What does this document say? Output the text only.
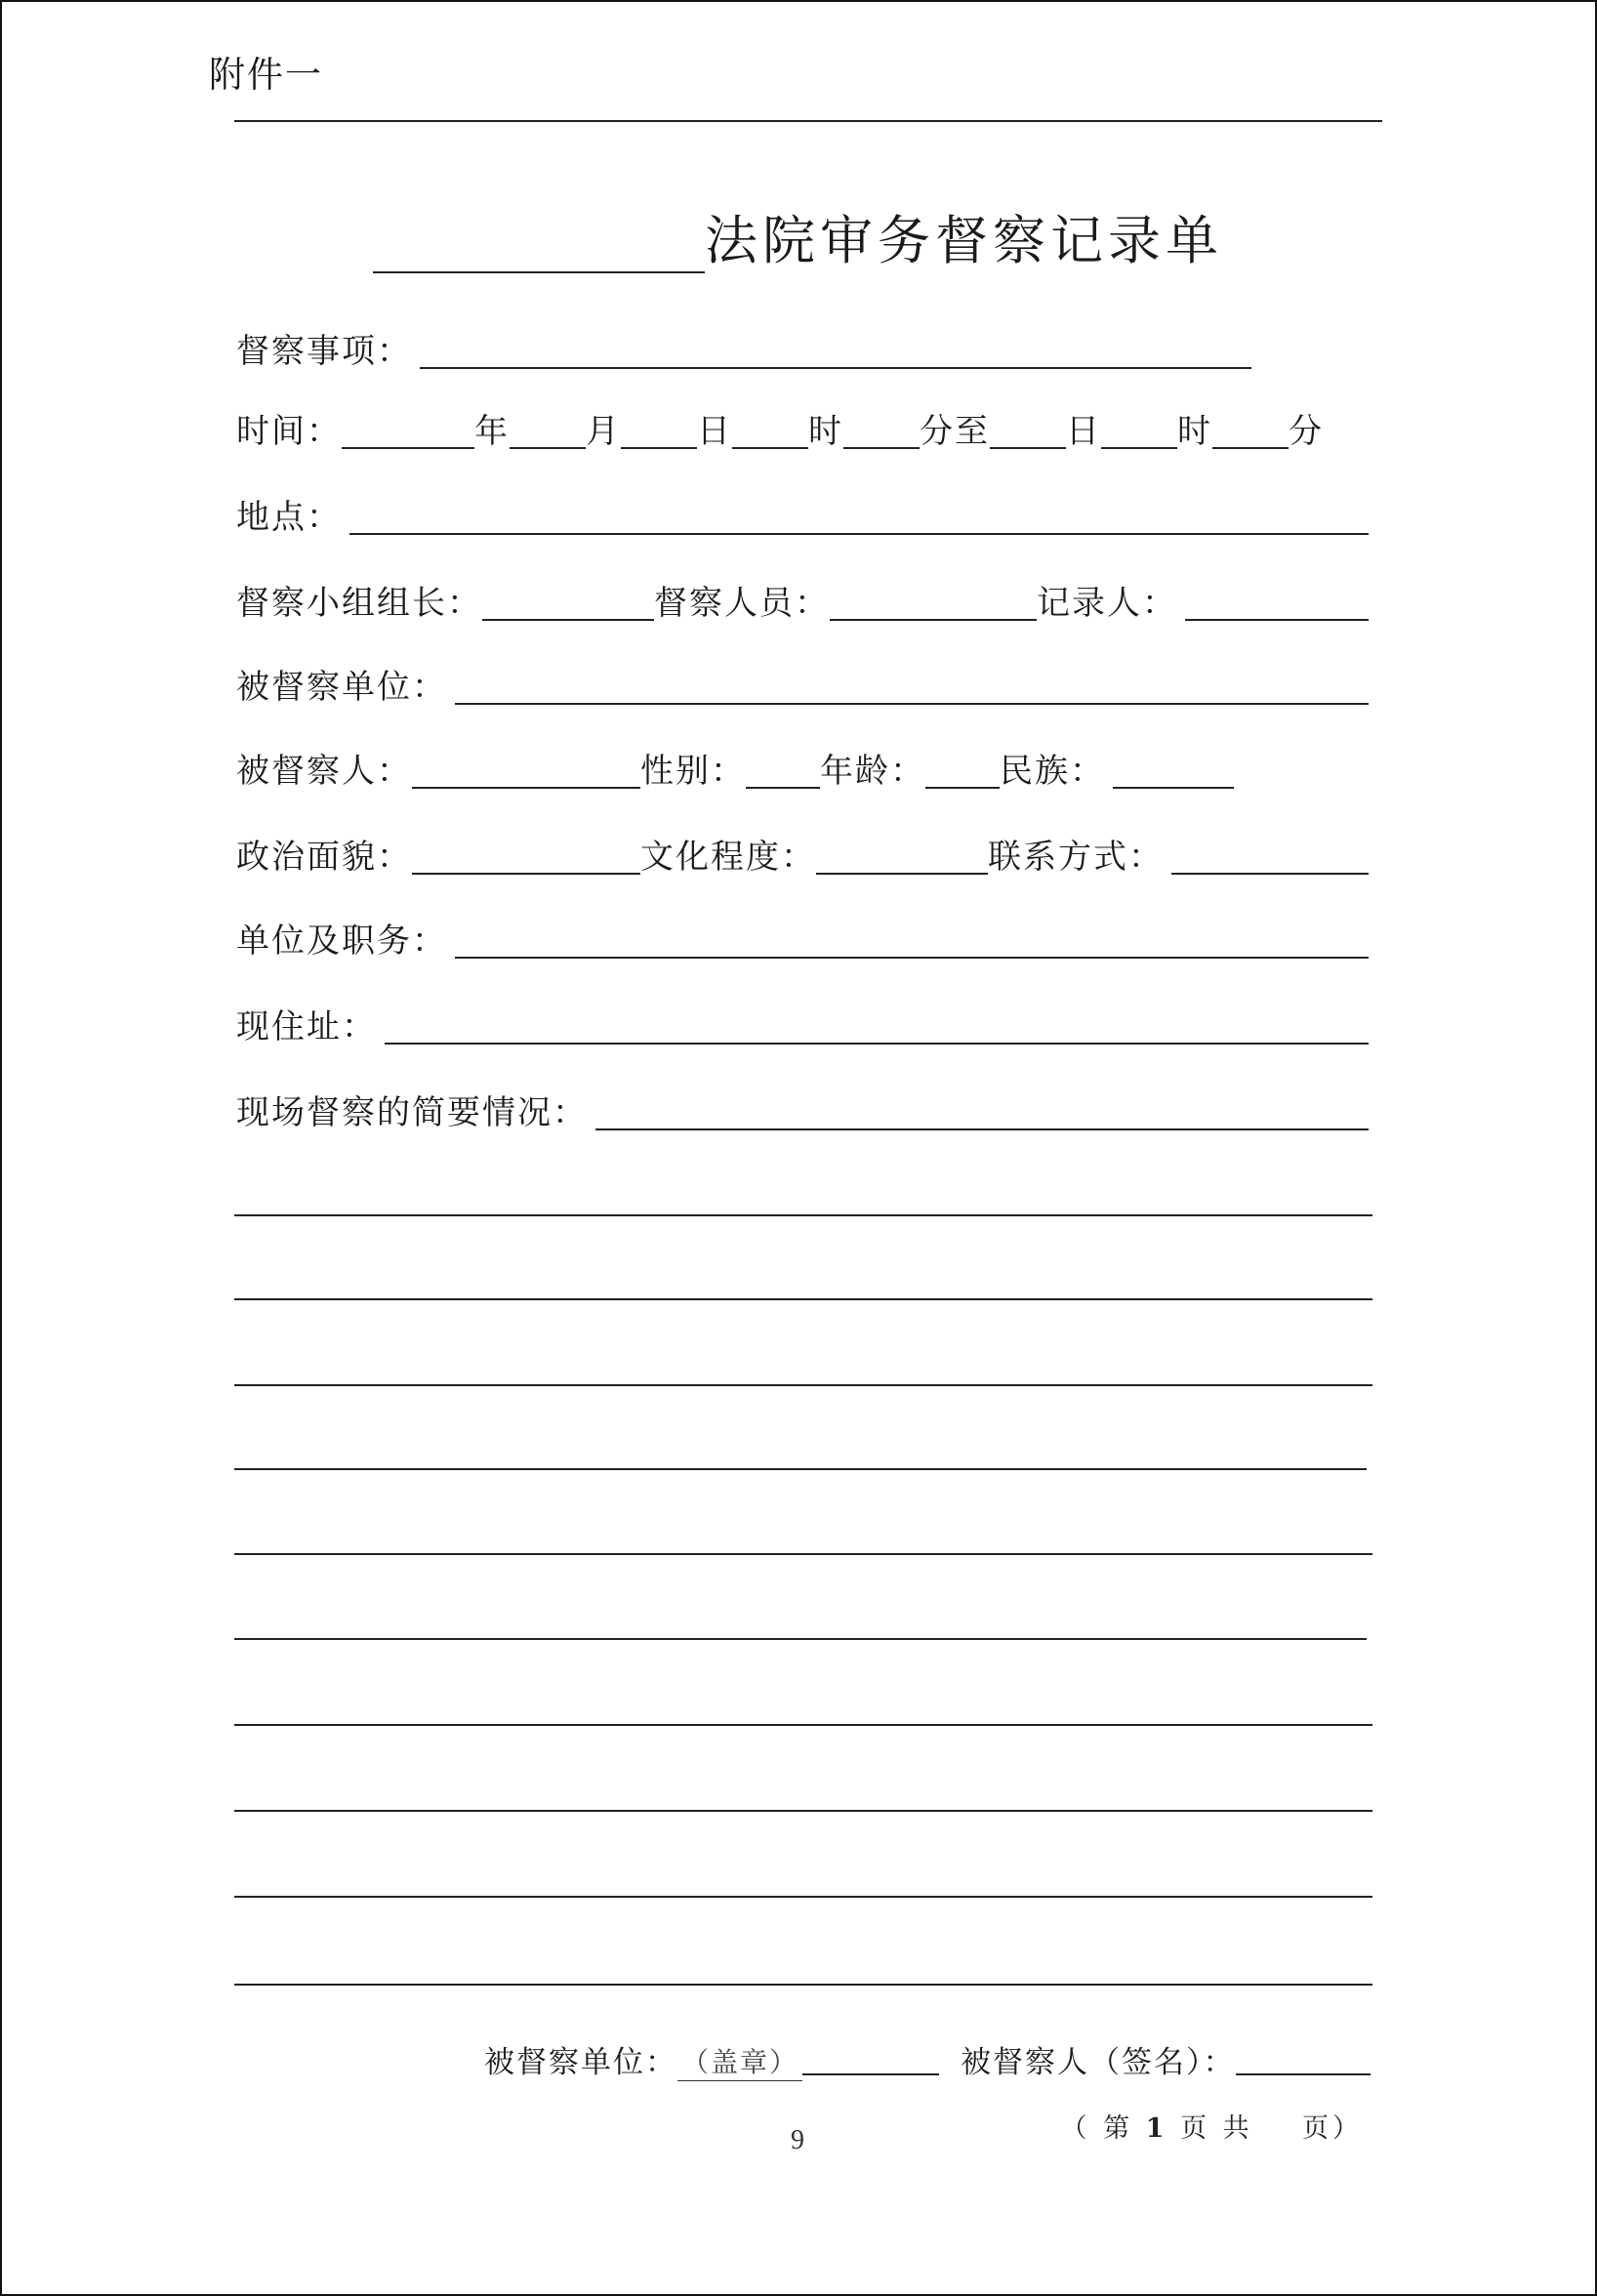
附件一
法院审务督察记录单
督察事项：
时间：	年 月 日 时 分至 日 时 分
地点：
督察小组组长：	督察人员：	记录人：
被督察单位：
被督察人：	性别： 年龄： 民族：
政治面貌：	文化程度：	联系方式：
单位及职务：
现住址：
现场督察的简要情况：
被督察单位： （盖章）	被督察人（签名）：
（ 第 1 页 共 页）
9
